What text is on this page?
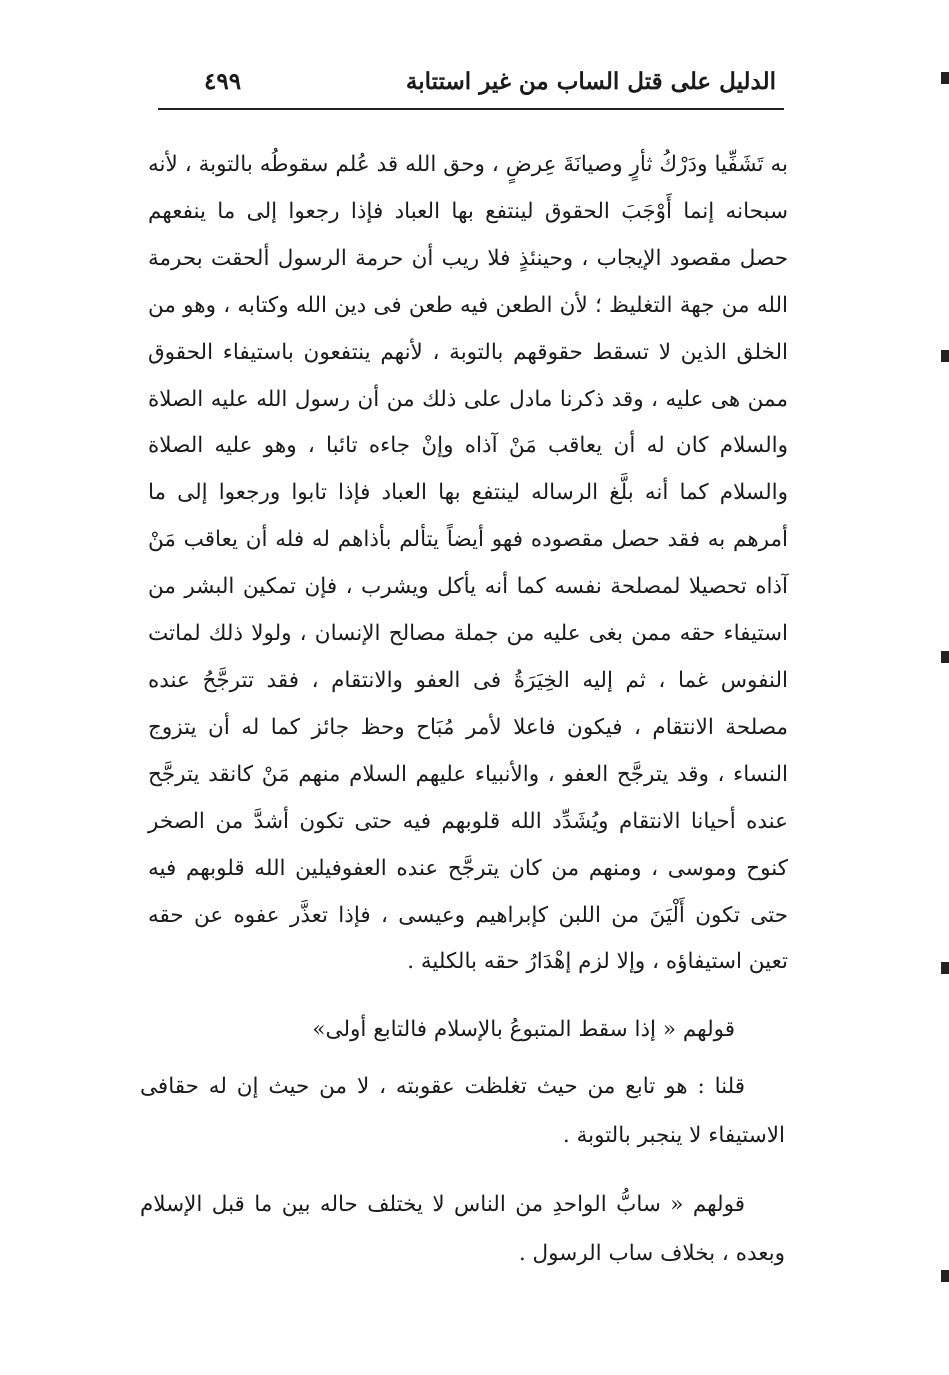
الدليل على قتل الساب من غير استتابة
٤٩٩
به تَشَفِّيا ودَرْكُ ثأرٍ وصيانَةَ عِرضٍ ، وحق الله قد عُلم سقوطُه بالتوبة ، لأنه سبحانه إنما أَوْجَبَ الحقوق لينتفع بها العباد فإذا رجعوا إلى ما ينفعهم حصل مقصود الإيجاب ، وحينئذٍ فلا ريب أن حرمة الرسول ألحقت بحرمة الله من جهة التغليظ ؛ لأن الطعن فيه طعن فى دين الله وكتابه ، وهو من الخلق الذين لا تسقط حقوقهم بالتوبة ، لأنهم ينتفعون باستيفاء الحقوق ممن هى عليه ، وقد ذكرنا مادل على ذلك من أن رسول الله عليه الصلاة والسلام كان له أن يعاقب مَنْ آذاه وإنْ جاءه تائبا ، وهو عليه الصلاة والسلام كما أنه بلَّغ الرساله لينتفع بها العباد فإذا تابوا ورجعوا إلى ما أمرهم به فقد حصل مقصوده فهو أيضاً يتألم بأذاهم له فله أن يعاقب مَنْ آذاه تحصيلا لمصلحة نفسه كما أنه يأكل ويشرب ، فإن تمكين البشر من استيفاء حقه ممن بغى عليه من جملة مصالح الإنسان ، ولولا ذلك لماتت النفوس غما ، ثم إليه الخِيَرَةُ فى العفو والانتقام ، فقد تترجَّحُ عنده مصلحة الانتقام ، فيكون فاعلا لأمر مُبَاح وحظ جائز كما له أن يتزوج النساء ، وقد يترجَّح العفو ، والأنبياء عليهم السلام منهم مَنْ كانقد يترجَّح عنده أحيانا الانتقام ويُشَدِّد الله قلوبهم فيه حتى تكون أشدَّ من الصخر كنوح وموسى ، ومنهم من كان يترجَّح عنده العفوفيلين الله قلوبهم فيه حتى تكون أَلْيَنَ من اللبن كإبراهيم وعيسى ، فإذا تعذَّر عفوه عن حقه تعين استيفاؤه ، وإلا لزم إهْدَارُ حقه بالكلية .
قولهم « إذا سقط المتبوعُ بالإسلام فالتابع أولى»
قلنا : هو تابع من حيث تغلظت عقوبته ، لا من حيث إن له حقافى الاستيفاء لا ينجبر بالتوبة .
قولهم « سابُّ الواحدِ من الناس لا يختلف حاله بين ما قبل الإسلام وبعده ، بخلاف ساب الرسول .
